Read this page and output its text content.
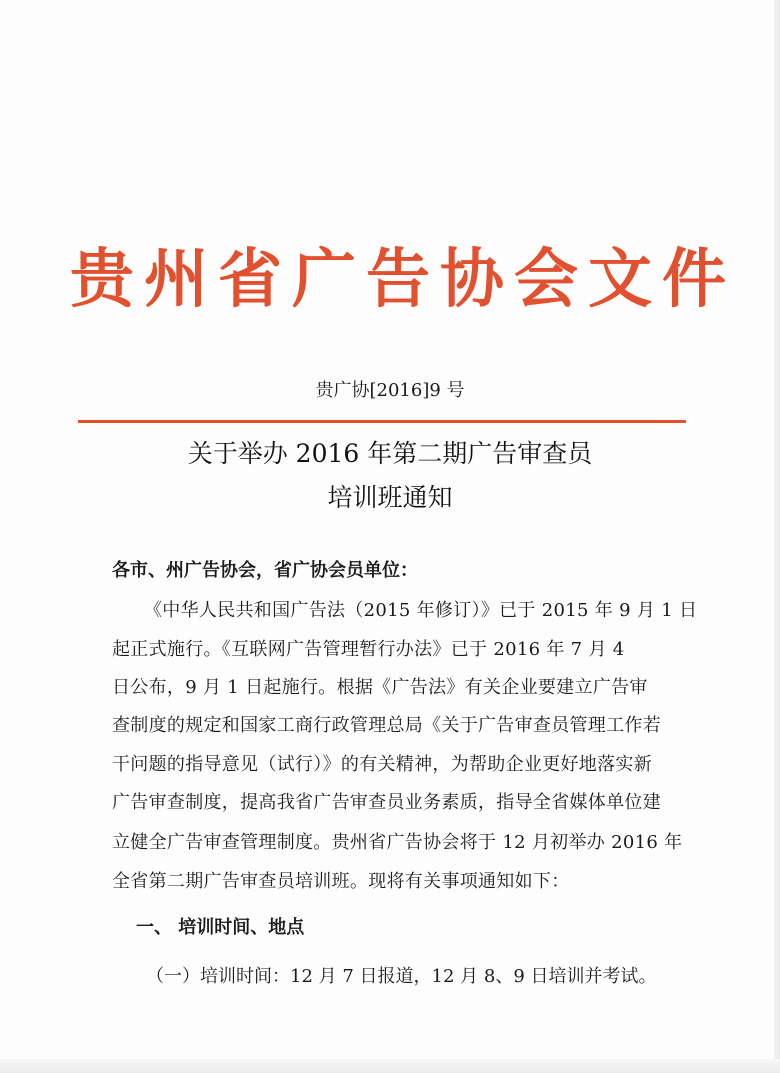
贵州省广告协会文件
贵广协[2016]9 号
关于举办 2016 年第二期广告审查员
培训班通知
各市、州广告协会，省广协会员单位：
《中华人民共和国广告法（2015 年修订）》已于 2015 年 9 月 1 日
起正式施行。《互联网广告管理暂行办法》已于 2016 年 7 月 4
日公布，9 月 1 日起施行。根据《广告法》有关企业要建立广告审
查制度的规定和国家工商行政管理总局《关于广告审查员管理工作若
干问题的指导意见（试行）》的有关精神，为帮助企业更好地落实新
广告审查制度，提高我省广告审查员业务素质，指导全省媒体单位建
立健全广告审查管理制度。贵州省广告协会将于 12 月初举办 2016 年
全省第二期广告审查员培训班。现将有关事项通知如下：
一、 培训时间、地点
（一）培训时间：12 月 7 日报道，12 月 8、9 日培训并考试。
